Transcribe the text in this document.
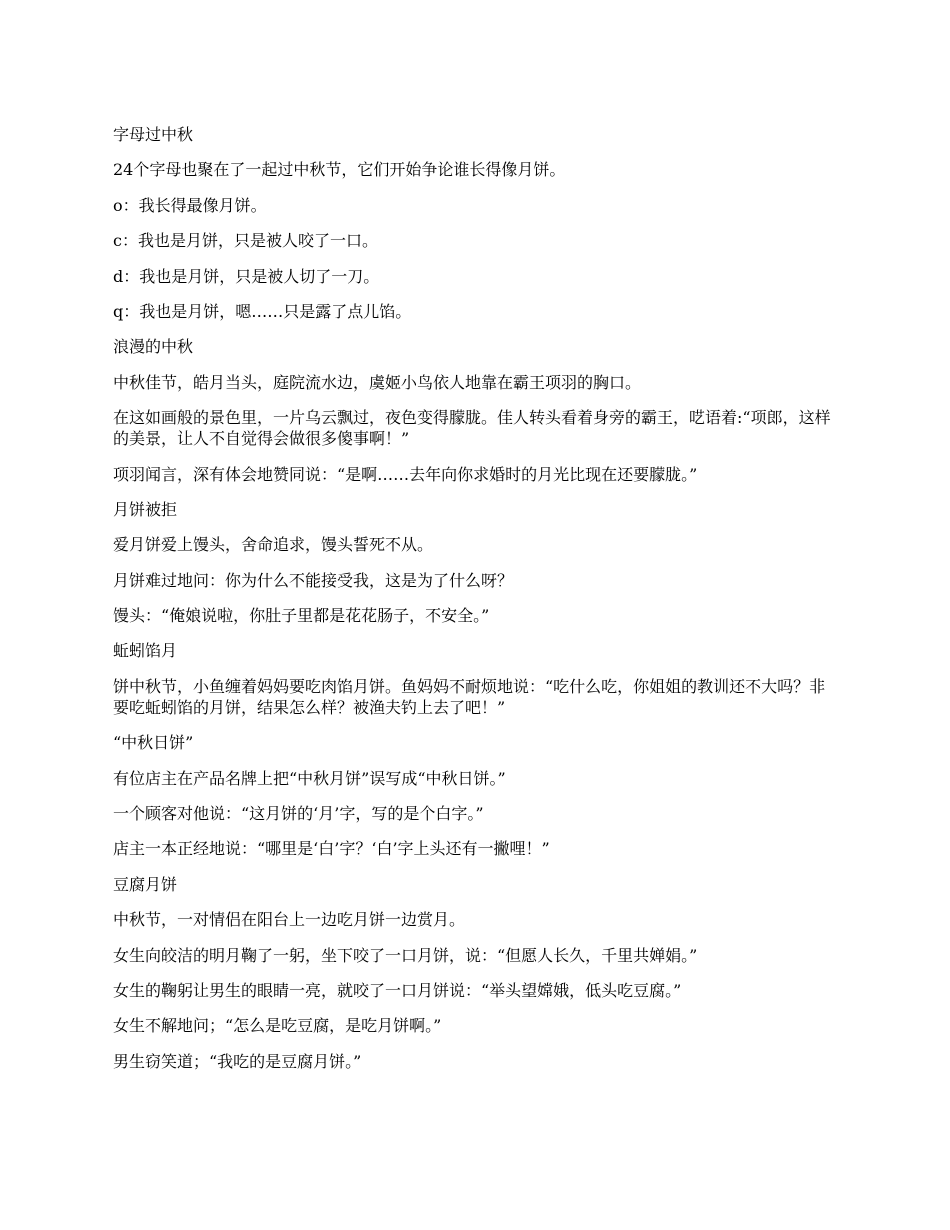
字母过中秋

24个字母也聚在了一起过中秋节，它们开始争论谁长得像月饼。

o：我长得最像月饼。

c：我也是月饼，只是被人咬了一口。

d：我也是月饼，只是被人切了一刀。

q：我也是月饼，嗯……只是露了点儿馅。

浪漫的中秋

中秋佳节，皓月当头，庭院流水边，虞姬小鸟依人地靠在霸王项羽的胸口。

在这如画般的景色里，一片乌云飘过，夜色变得朦胧。佳人转头看着身旁的霸王，呓语着:“项郎，这样的美景，让人不自觉得会做很多傻事啊！”

项羽闻言，深有体会地赞同说：“是啊……去年向你求婚时的月光比现在还要朦胧。”

月饼被拒

爱月饼爱上馒头，舍命追求，馒头誓死不从。

月饼难过地问：你为什么不能接受我，这是为了什么呀？

馒头：“俺娘说啦，你肚子里都是花花肠子，不安全。”

蚯蚓馅月

饼中秋节，小鱼缠着妈妈要吃肉馅月饼。鱼妈妈不耐烦地说：“吃什么吃，你姐姐的教训还不大吗？非要吃蚯蚓馅的月饼，结果怎么样？被渔夫钓上去了吧！”

“中秋日饼”

有位店主在产品名牌上把“中秋月饼”误写成“中秋日饼。”

一个顾客对他说：“这月饼的‘月’字，写的是个白字。”

店主一本正经地说：“哪里是‘白’字？‘白’字上头还有一撇哩！”

豆腐月饼

中秋节，一对情侣在阳台上一边吃月饼一边赏月。

女生向皎洁的明月鞠了一躬，坐下咬了一口月饼，说：“但愿人长久，千里共婵娟。”

女生的鞠躬让男生的眼睛一亮，就咬了一口月饼说：“举头望嫦娥，低头吃豆腐。”

女生不解地问；“怎么是吃豆腐，是吃月饼啊。”

男生窃笑道；“我吃的是豆腐月饼。”
